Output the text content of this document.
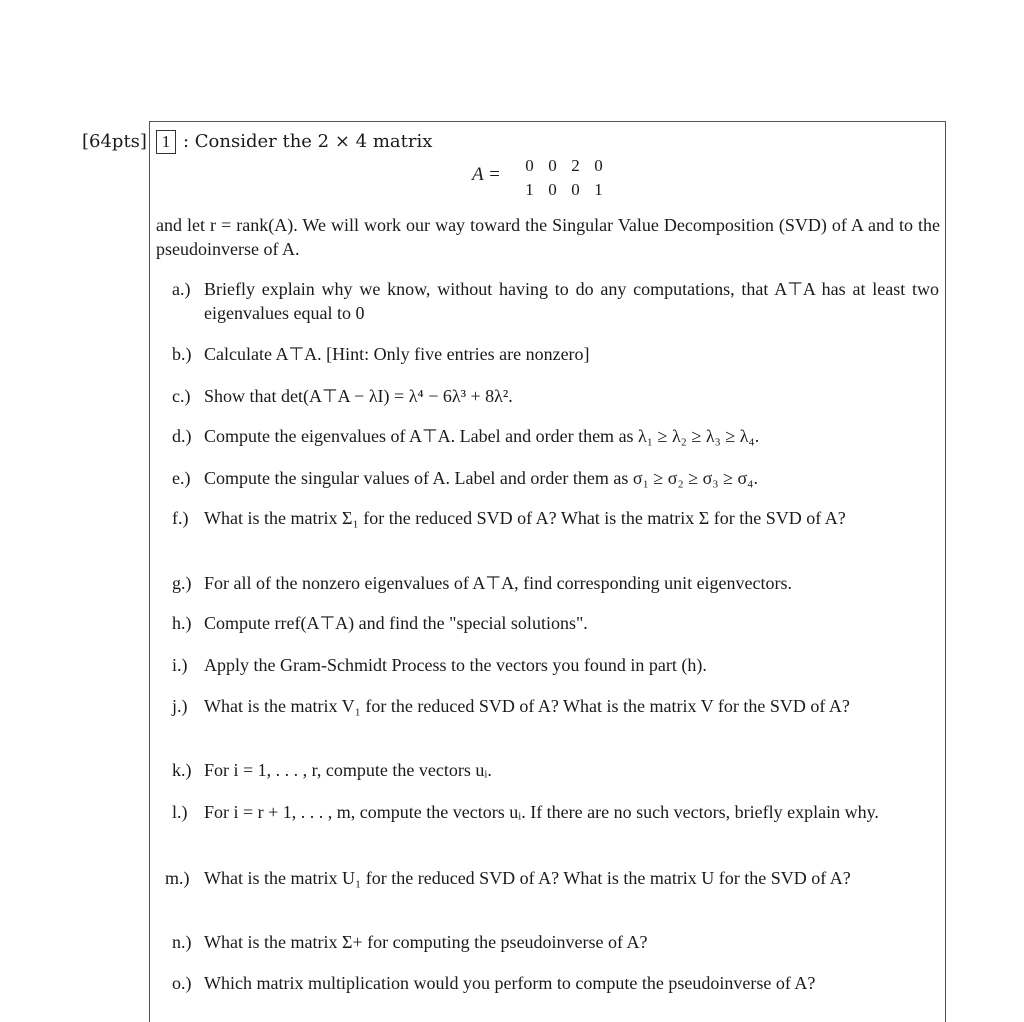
[64pts] 1 : Consider the 2 × 4 matrix
A =	0 0 2 0
1 0 0 1
and let r = rank(A). We will work our way toward the Singular Value Decomposition (SVD) of A and to the pseudoinverse of A.
a.) Briefly explain why we know, without having to do any computations, that A⊤A has at least two eigenvalues equal to 0
b.) Calculate A⊤A. [Hint: Only five entries are nonzero]
c.) Show that det(A⊤A − λI) = λ⁴ − 6λ³ + 8λ².
d.) Compute the eigenvalues of A⊤A. Label and order them as λ₁ ≥ λ₂ ≥ λ₃ ≥ λ₄.
e.) Compute the singular values of A. Label and order them as σ₁ ≥ σ₂ ≥ σ₃ ≥ σ₄.
f.) What is the matrix Σ₁ for the reduced SVD of A? What is the matrix Σ for the SVD of A?
g.) For all of the nonzero eigenvalues of A⊤A, find corresponding unit eigenvectors.
h.) Compute rref(A⊤A) and find the "special solutions".
i.) Apply the Gram-Schmidt Process to the vectors you found in part (h).
j.) What is the matrix V₁ for the reduced SVD of A? What is the matrix V for the SVD of A?
k.) For i = 1, . . . , r, compute the vectors uᵢ.
l.) For i = r + 1, . . . , m, compute the vectors uᵢ. If there are no such vectors, briefly explain why.
m.) What is the matrix U₁ for the reduced SVD of A? What is the matrix U for the SVD of A?
n.) What is the matrix Σ+ for computing the pseudoinverse of A?
o.) Which matrix multiplication would you perform to compute the pseudoinverse of A?
